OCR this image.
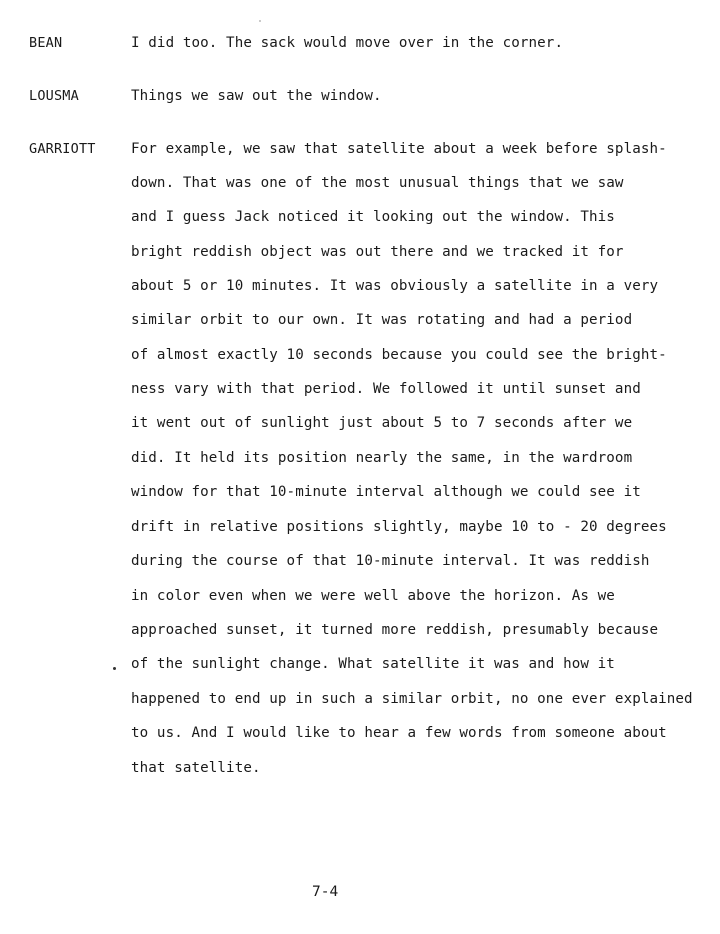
BEAN	I did too. The sack would move over in the corner.
LOUSMA	Things we saw out the window.
GARRIOTT For example, we saw that satellite about a week before splash-
down. That was one of the most unusual things that we saw
and I guess Jack noticed it looking out the window. This
bright reddish object was out there and we tracked it for
about 5 or 10 minutes. It was obviously a satellite in a very
similar orbit to our own. It was rotating and had a period
of almost exactly 10 seconds because you could see the bright-
ness vary with that period. We followed it until sunset and
it went out of sunlight just about 5 to 7 seconds after we
did. It held its position nearly the same, in the wardroom
window for that 10-minute interval although we could see it
drift in relative positions slightly, maybe 10 to - 20 degrees
during the course of that 10-minute interval. It was reddish
in color even when we were well above the horizon. As we
approached sunset, it turned more reddish, presumably because
of the sunlight change. What satellite it was and how it
happened to end up in such a similar orbit, no one ever explained
to us. And I would like to hear a few words from someone about
that satellite.
7-4
